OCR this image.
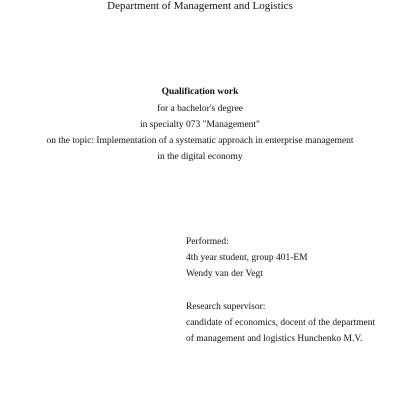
Department of Management and Logistics
Qualification work
for a bachelor's degree
in specialty 073 "Management"
on the topic: Implementation of a systematic approach in enterprise management
in the digital economy
Performed:
4th year student, group 401-EM
Wendy van der Vegt
Research supervisor:
candidate of economics, docent of the department
of management and logistics Hunchenko M.V.
